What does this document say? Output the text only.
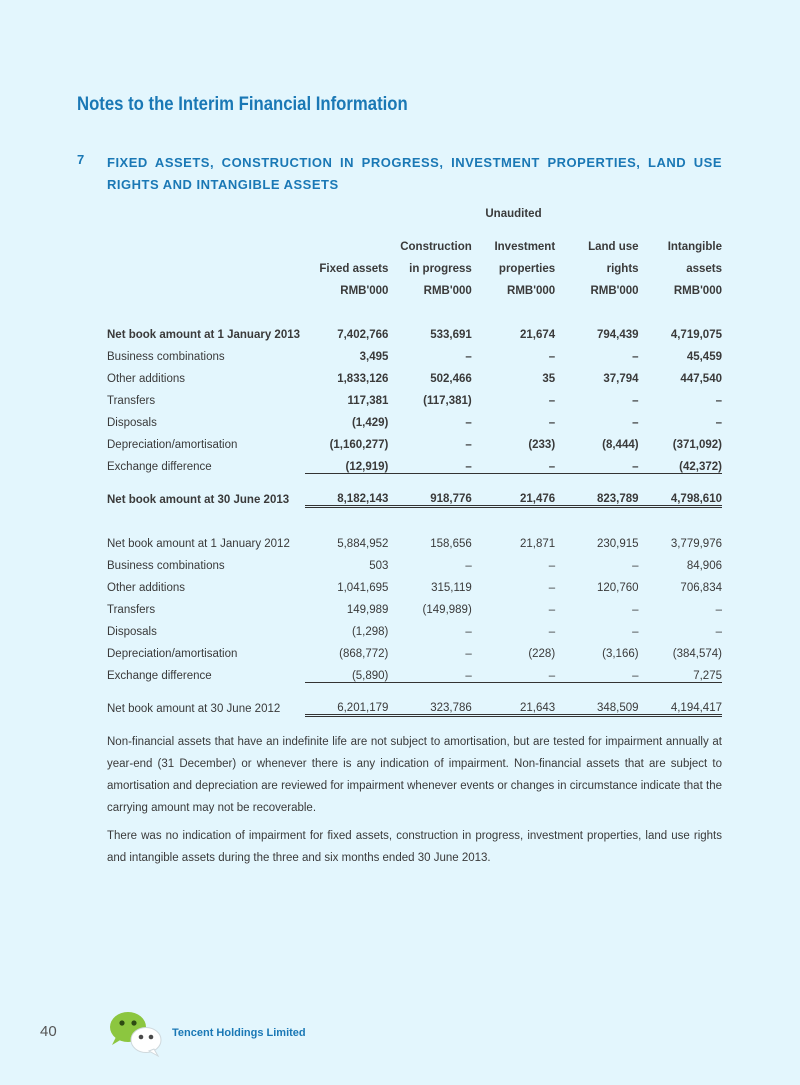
Notes to the Interim Financial Information
7 FIXED ASSETS, CONSTRUCTION IN PROGRESS, INVESTMENT PROPERTIES, LAND USE RIGHTS AND INTANGIBLE ASSETS
	Unaudited				

		Construction	Investment	Land use	Intangible
	Fixed assets	in progress	properties	rights	assets
	RMB'000	RMB'000	RMB'000	RMB'000	RMB'000

Net book amount at 1 January 2013	7,402,766	533,691	21,674	794,439	4,719,075

Business combinations	3,495	–	–	–	45,459

Other additions	1,833,126	502,466	35	37,794	447,540

Transfers	117,381	(117,381)	–	–	–

Disposals	(1,429)	–	–	–	–

Depreciation/amortisation	(1,160,277)	–	(233)	(8,444)	(371,092)

Exchange difference	(12,919)	–	–	–	(42,372)

Net book amount at 30 June 2013	8,182,143	918,776	21,476	823,789	4,798,610

Net book amount at 1 January 2012	5,884,952	158,656	21,871	230,915	3,779,976

Business combinations	503	–	–	–	84,906

Other additions	1,041,695	315,119	–	120,760	706,834

Transfers	149,989	(149,989)	–	–	–

Disposals	(1,298)	–	–	–	–

Depreciation/amortisation	(868,772)	–	(228)	(3,166)	(384,574)

Exchange difference	(5,890)	–	–	–	7,275

Net book amount at 30 June 2012	6,201,179	323,786	21,643	348,509	4,194,417
Non-financial assets that have an indefinite life are not subject to amortisation, but are tested for impairment annually at year-end (31 December) or whenever there is any indication of impairment. Non-financial assets that are subject to amortisation and depreciation are reviewed for impairment whenever events or changes in circumstance indicate that the carrying amount may not be recoverable.
There was no indication of impairment for fixed assets, construction in progress, investment properties, land use rights and intangible assets during the three and six months ended 30 June 2013.
40	Tencent Holdings Limited
